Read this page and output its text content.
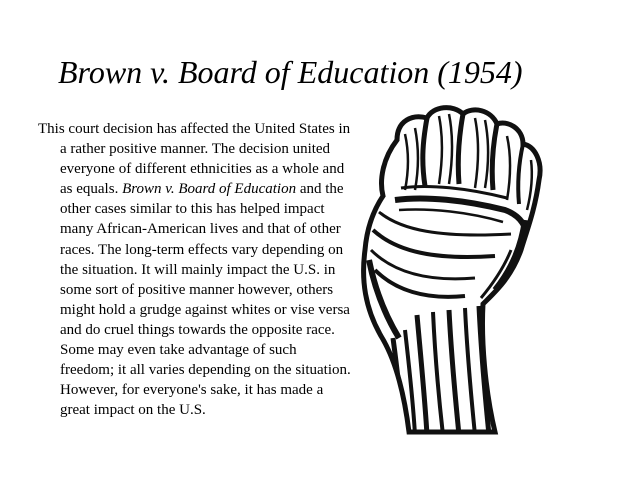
Brown v. Board of Education (1954)

This court decision has affected the United States in a rather positive manner. The decision united everyone of different ethnicities as a whole and as equals. Brown v. Board of Education and the other cases similar to this has helped impact many African-American lives and that of other races. The long-term effects vary depending on the situation. It will mainly impact the U.S. in some sort of positive manner however, others might hold a grudge against whites or vise versa and do cruel things towards the opposite race. Some may even take advantage of such freedom; it all varies depending on the situation. However, for everyone's sake, it has made a great impact on the U.S.
